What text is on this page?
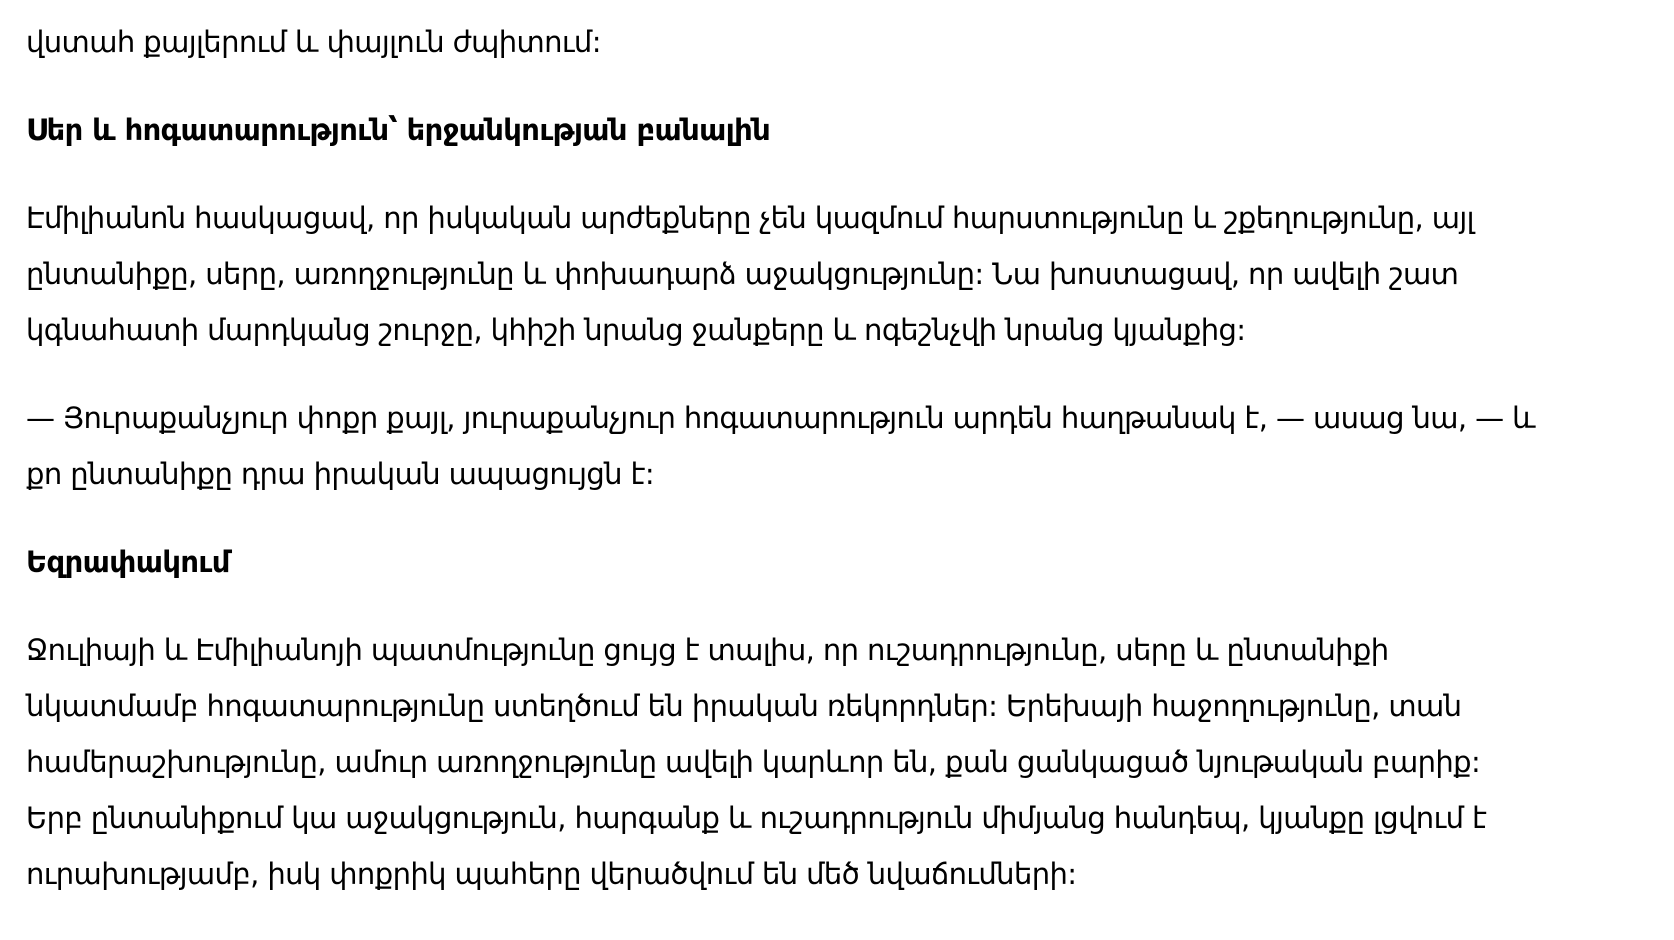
վստահ քայլերում և փայլուն ժպիտում:

Սեր և հոգատարություն՝ երջանկության բանալին

Էմիլիանոն հասկացավ, որ իսկական արժեքները չեն կազմում հարստությունը և շքեղությունը, այլ

ընտանիքը, սերը, առողջությունը և փոխադարձ աջակցությունը: Նա խոստացավ, որ ավելի շատ

կգնահատի մարդկանց շուրջը, կհիշի նրանց ջանքերը և ոգեշնչվի նրանց կյանքից:

— Յուրաքանչյուր փոքր քայլ, յուրաքանչյուր հոգատարություն արդեն հաղթանակ է, — ասաց նա, — և

քո ընտանիքը դրա իրական ապացույցն է:

Եզրափակում

Ջուլիայի և Էմիլիանոյի պատմությունը ցույց է տալիս, որ ուշադրությունը, սերը և ընտանիքի

նկատմամբ հոգատարությունը ստեղծում են իրական ռեկորդներ: Երեխայի հաջողությունը, տան

համերաշխությունը, ամուր առողջությունը ավելի կարևոր են, քան ցանկացած նյութական բարիք:

Երբ ընտանիքում կա աջակցություն, հարգանք և ուշադրություն միմյանց հանդեպ, կյանքը լցվում է

ուրախությամբ, իսկ փոքրիկ պահերը վերածվում են մեծ նվաճումների:
